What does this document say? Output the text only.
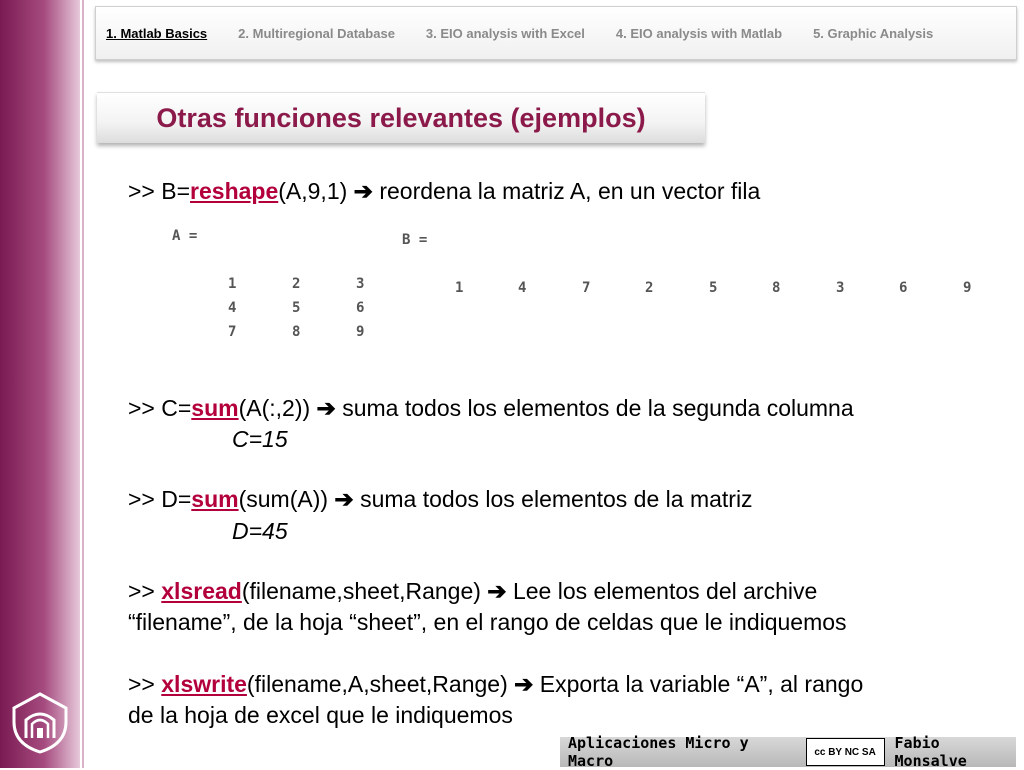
1. Matlab Basics	2. Multiregional Database	3. EIO analysis with Excel	4. EIO analysis with Matlab	5. Graphic Analysis
Otras funciones relevantes (ejemplos)
>> B=reshape(A,9,1) ➔ reordena la matriz A, en un vector fila
A =
1	2	3
4	5	6
7	8	9
B =
1	4	7	2	5	8	3	6	9
>> C=sum(A(:,2)) ➔ suma todos los elementos de la segunda columna
C=15
>> D=sum(sum(A)) ➔ suma todos los elementos de la matriz
D=45
>> xlsread(filename,sheet,Range) ➔ Lee los elementos del archive
“filename”, de la hoja “sheet”, en el rango de celdas que le indiquemos
>> xlswrite(filename,A,sheet,Range) ➔ Exporta la variable “A”, al rango
de la hoja de excel que le indiquemos
Aplicaciones Micro y Macro	cc BY NC SA	Fabio Monsalve
